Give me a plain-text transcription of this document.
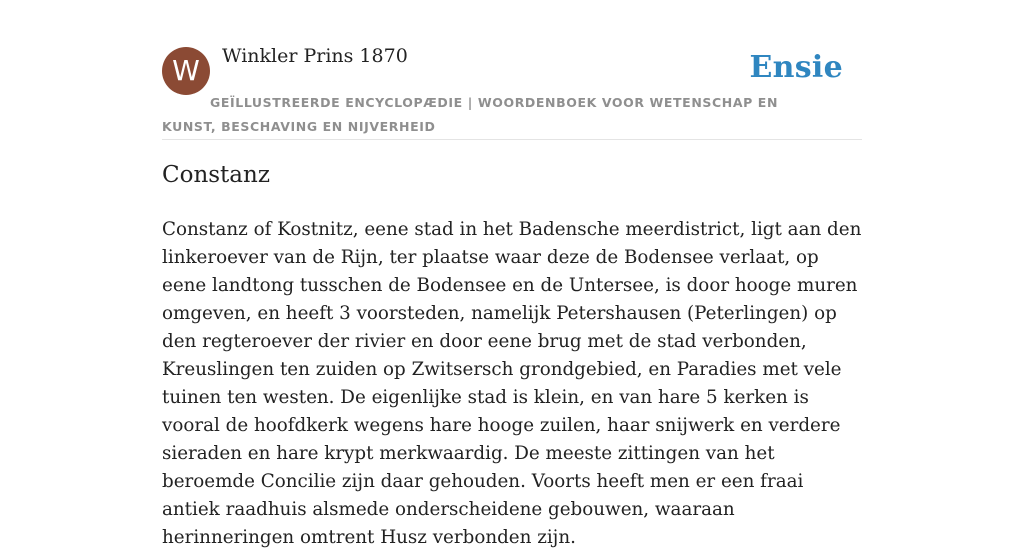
W	Winkler Prins 1870	Ensie
GEÏLLUSTREERDE ENCYCLOPÆDIE | WOORDENBOEK VOOR WETENSCHAP EN KUNST, BESCHAVING EN NIJVERHEID
Constanz

Constanz of Kostnitz, eene stad in het Badensche meerdistrict, ligt aan den linkeroever van de Rijn, ter plaatse waar deze de Bodensee verlaat, op eene landtong tusschen de Bodensee en de Untersee, is door hooge muren omgeven, en heeft 3 voorsteden, namelijk Petershausen (Peterlingen) op den regteroever der rivier en door eene brug met de stad verbonden, Kreuslingen ten zuiden op Zwitsersch grondgebied, en Paradies met vele tuinen ten westen. De eigenlijke stad is klein, en van hare 5 kerken is vooral de hoofdkerk wegens hare hooge zuilen, haar snijwerk en verdere sieraden en hare krypt merkwaardig. De meeste zittingen van het beroemde Concilie zijn daar gehouden. Voorts heeft men er een fraai antiek raadhuis alsmede onderscheidene gebouwen, waaraan herinneringen omtrent Husz verbonden zijn.
